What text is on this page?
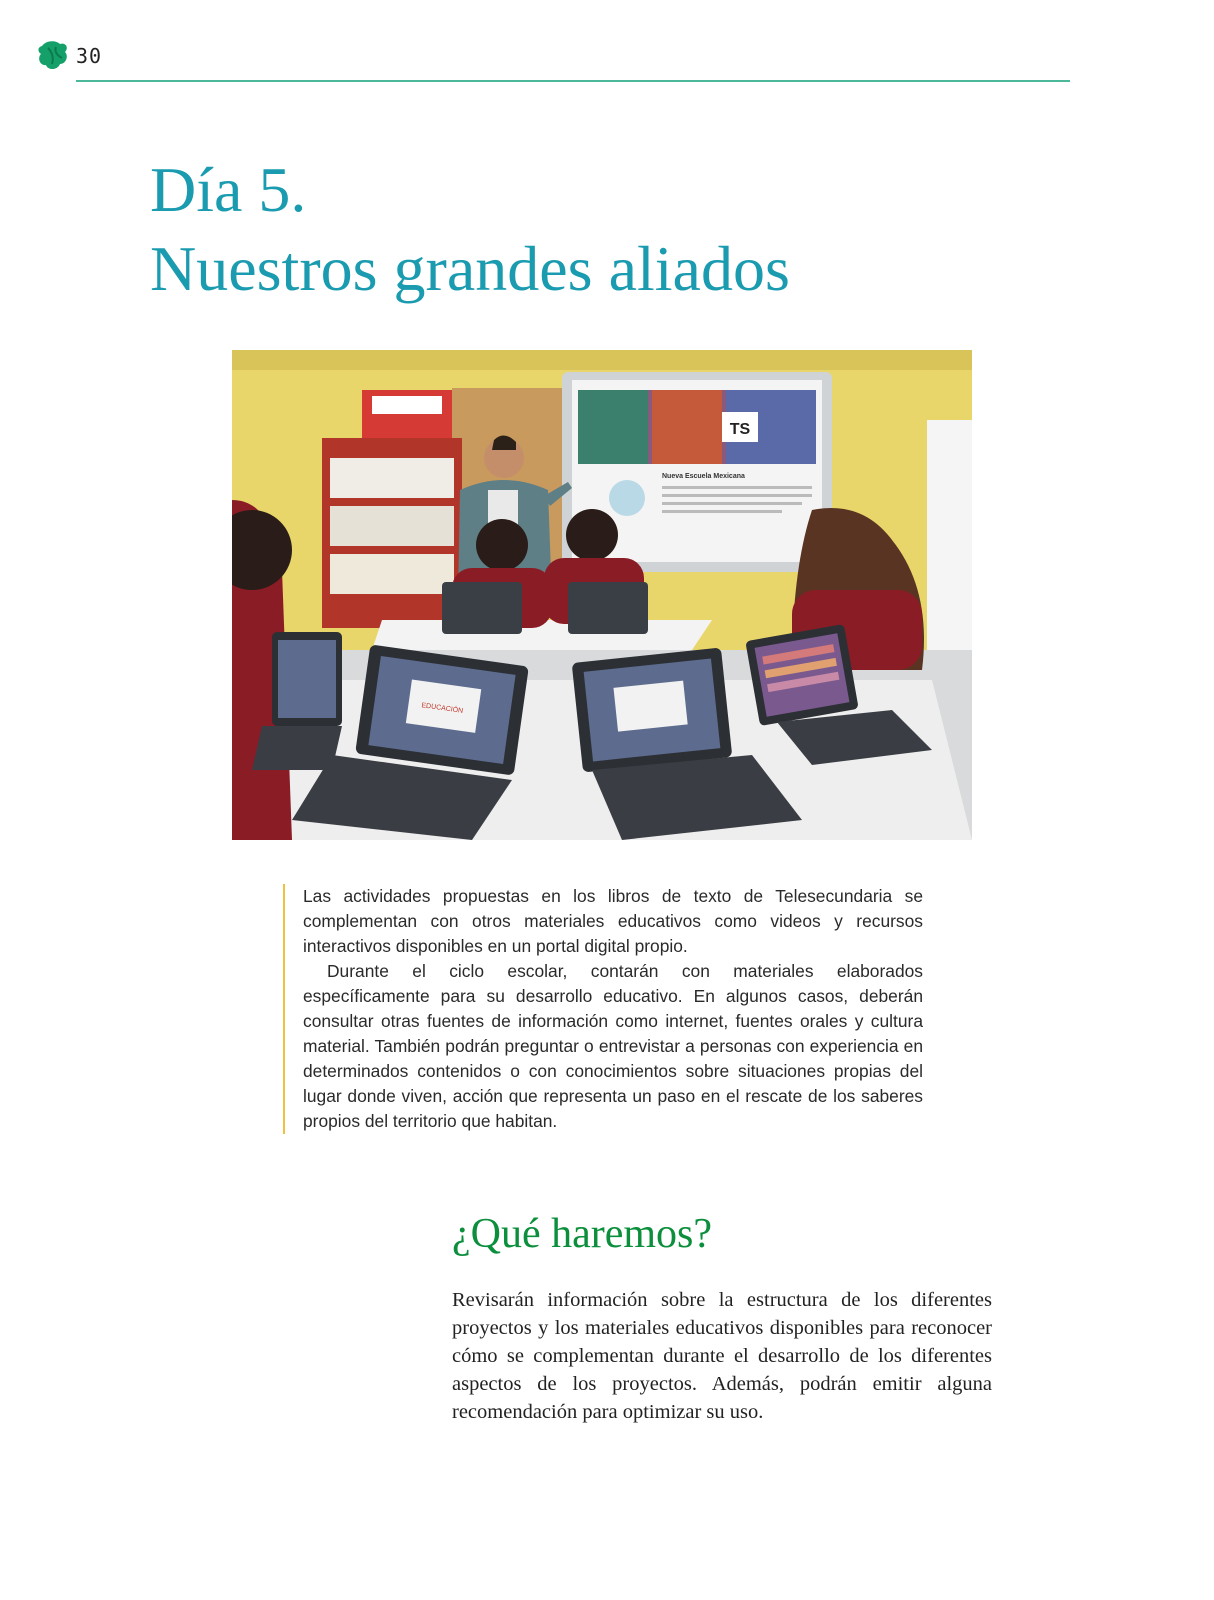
30
Día 5.
Nuestros grandes aliados
TS
Nueva Escuela Mexicana
EDUCACIÓN

Las actividades propuestas en los libros de texto de Telesecundaria se complementan con otros materiales educativos como videos y recursos interactivos disponibles en un portal digital propio.

Durante el ciclo escolar, contarán con materiales elaborados específicamente para su desarrollo educativo. En algunos casos, deberán consultar otras fuentes de información como internet, fuentes orales y cultura material. También podrán preguntar o entrevistar a personas con experiencia en determinados contenidos o con conocimientos sobre situaciones propias del lugar donde viven, acción que representa un paso en el rescate de los saberes propios del territorio que habitan.

¿Qué haremos?
Revisarán información sobre la estructura de los diferentes proyectos y los materiales educativos disponibles para reconocer cómo se complementan durante el desarrollo de los diferentes aspectos de los proyectos. Además, podrán emitir alguna recomendación para optimizar su uso.
